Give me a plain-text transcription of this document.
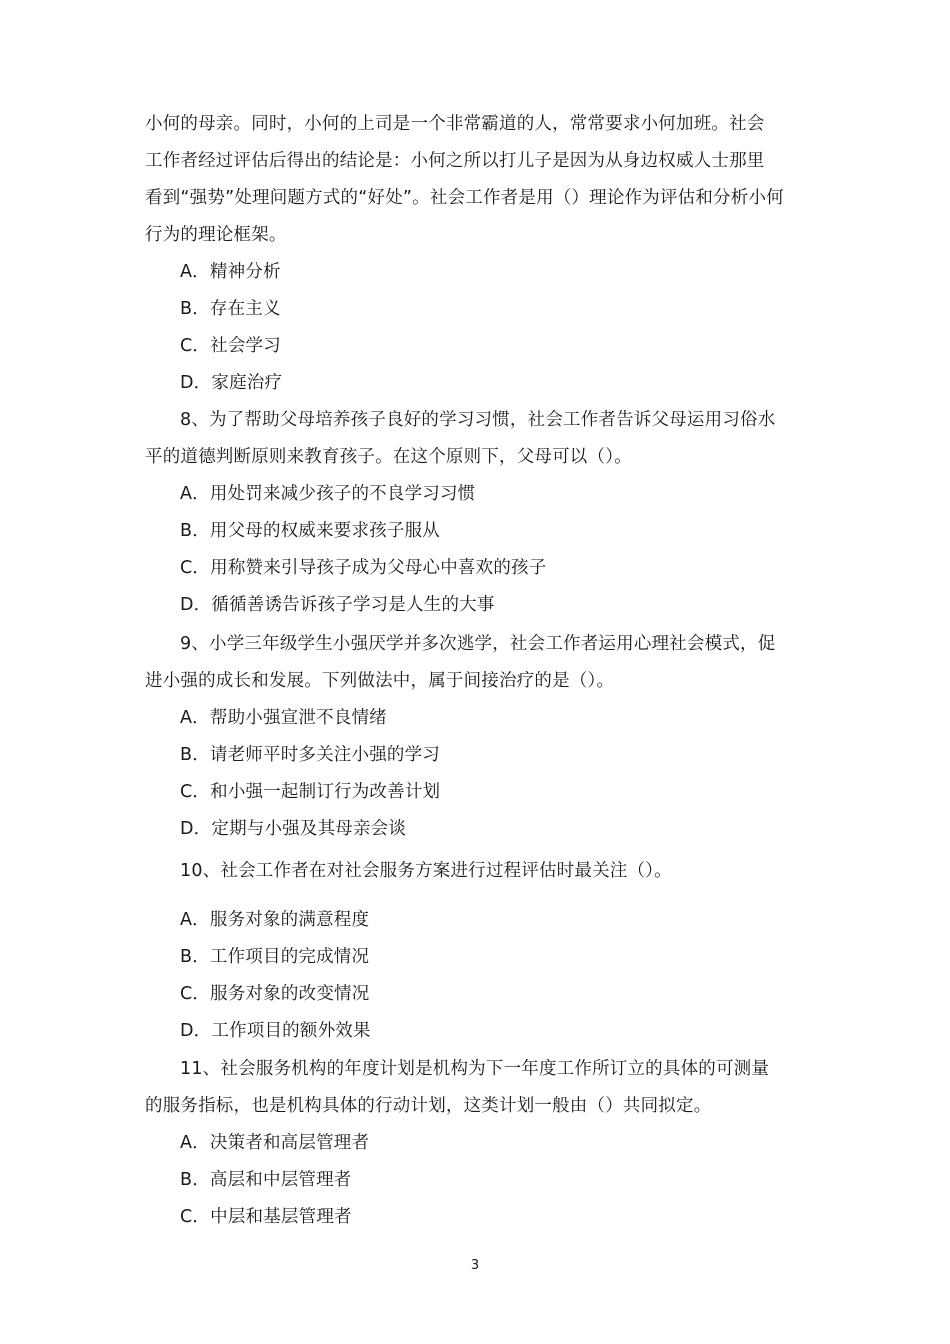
小何的母亲。同时，小何的上司是一个非常霸道的人，常常要求小何加班。社会
工作者经过评估后得出的结论是：小何之所以打儿子是因为从身边权威人士那里
看到“强势”处理问题方式的“好处”。社会工作者是用（）理论作为评估和分析小何
行为的理论框架。
A．精神分析
B．存在主义
C．社会学习
D．家庭治疗
8、为了帮助父母培养孩子良好的学习习惯，社会工作者告诉父母运用习俗水
平的道德判断原则来教育孩子。在这个原则下，父母可以（）。
A．用处罚来减少孩子的不良学习习惯
B．用父母的权威来要求孩子服从
C．用称赞来引导孩子成为父母心中喜欢的孩子
D．循循善诱告诉孩子学习是人生的大事
9、小学三年级学生小强厌学并多次逃学，社会工作者运用心理社会模式，促
进小强的成长和发展。下列做法中，属于间接治疗的是（）。
A．帮助小强宣泄不良情绪
B．请老师平时多关注小强的学习
C．和小强一起制订行为改善计划
D．定期与小强及其母亲会谈
10、社会工作者在对社会服务方案进行过程评估时最关注（）。
A．服务对象的满意程度
B．工作项目的完成情况
C．服务对象的改变情况
D．工作项目的额外效果
11、社会服务机构的年度计划是机构为下一年度工作所订立的具体的可测量
的服务指标，也是机构具体的行动计划，这类计划一般由（）共同拟定。
A．决策者和高层管理者
B．高层和中层管理者
C．中层和基层管理者
3
